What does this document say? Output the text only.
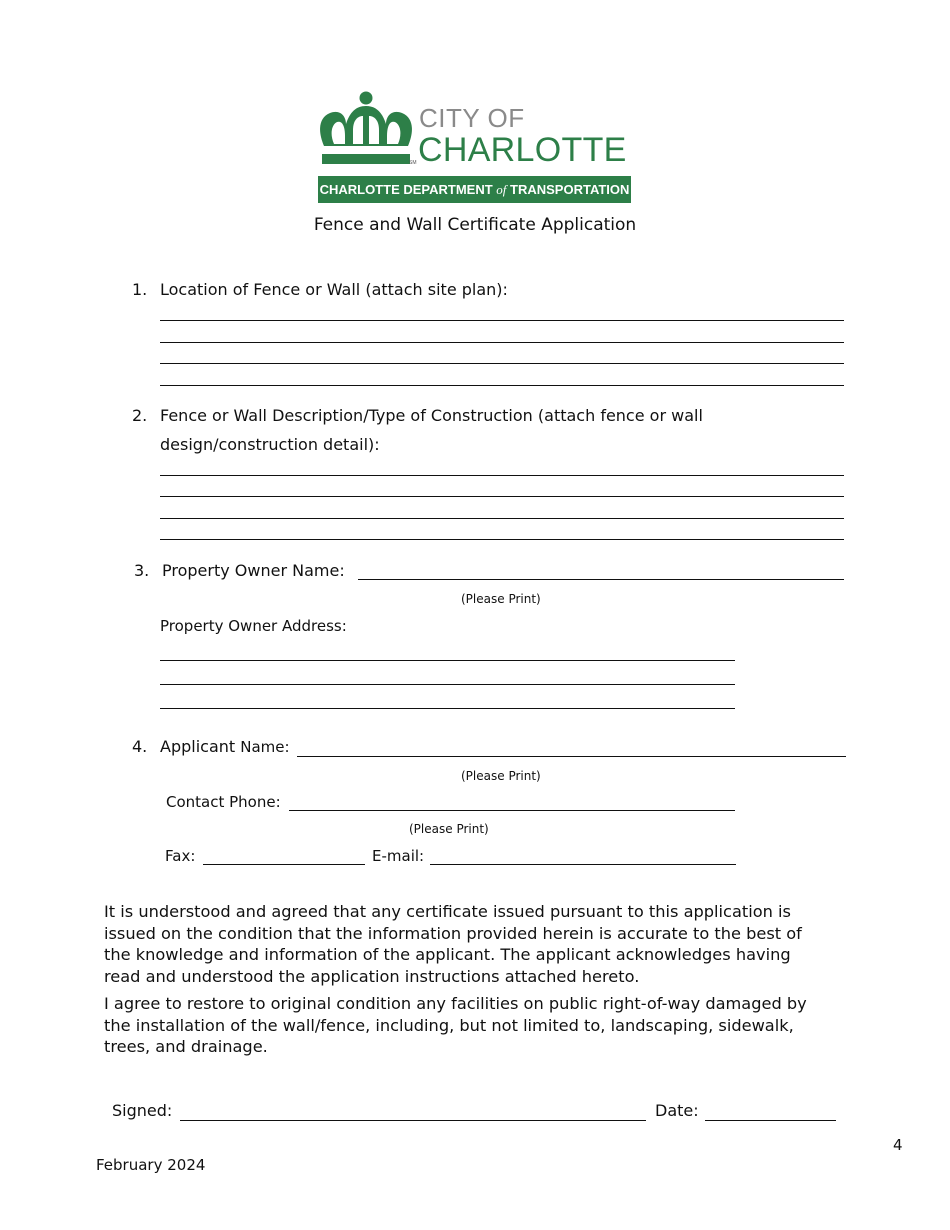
SM
CITY OF
CHARLOTTE
CHARLOTTE DEPARTMENT of TRANSPORTATION
Fence and Wall Certificate Application
1. Location of Fence or Wall (attach site plan):
2. Fence or Wall Description/Type of Construction (attach fence or wall
design/construction detail):
3. Property Owner Name:
(Please Print)
Property Owner Address:
4. Applicant Name:
(Please Print)
Contact Phone:
(Please Print)
Fax:	E-mail:
It is understood and agreed that any certificate issued pursuant to this application is issued on the condition that the information provided herein is accurate to the best of the knowledge and information of the applicant. The applicant acknowledges having read and understood the application instructions attached hereto.
I agree to restore to original condition any facilities on public right-of-way damaged by the installation of the wall/fence, including, but not limited to, landscaping, sidewalk, trees, and drainage.
Signed:	Date:
4
February 2024
